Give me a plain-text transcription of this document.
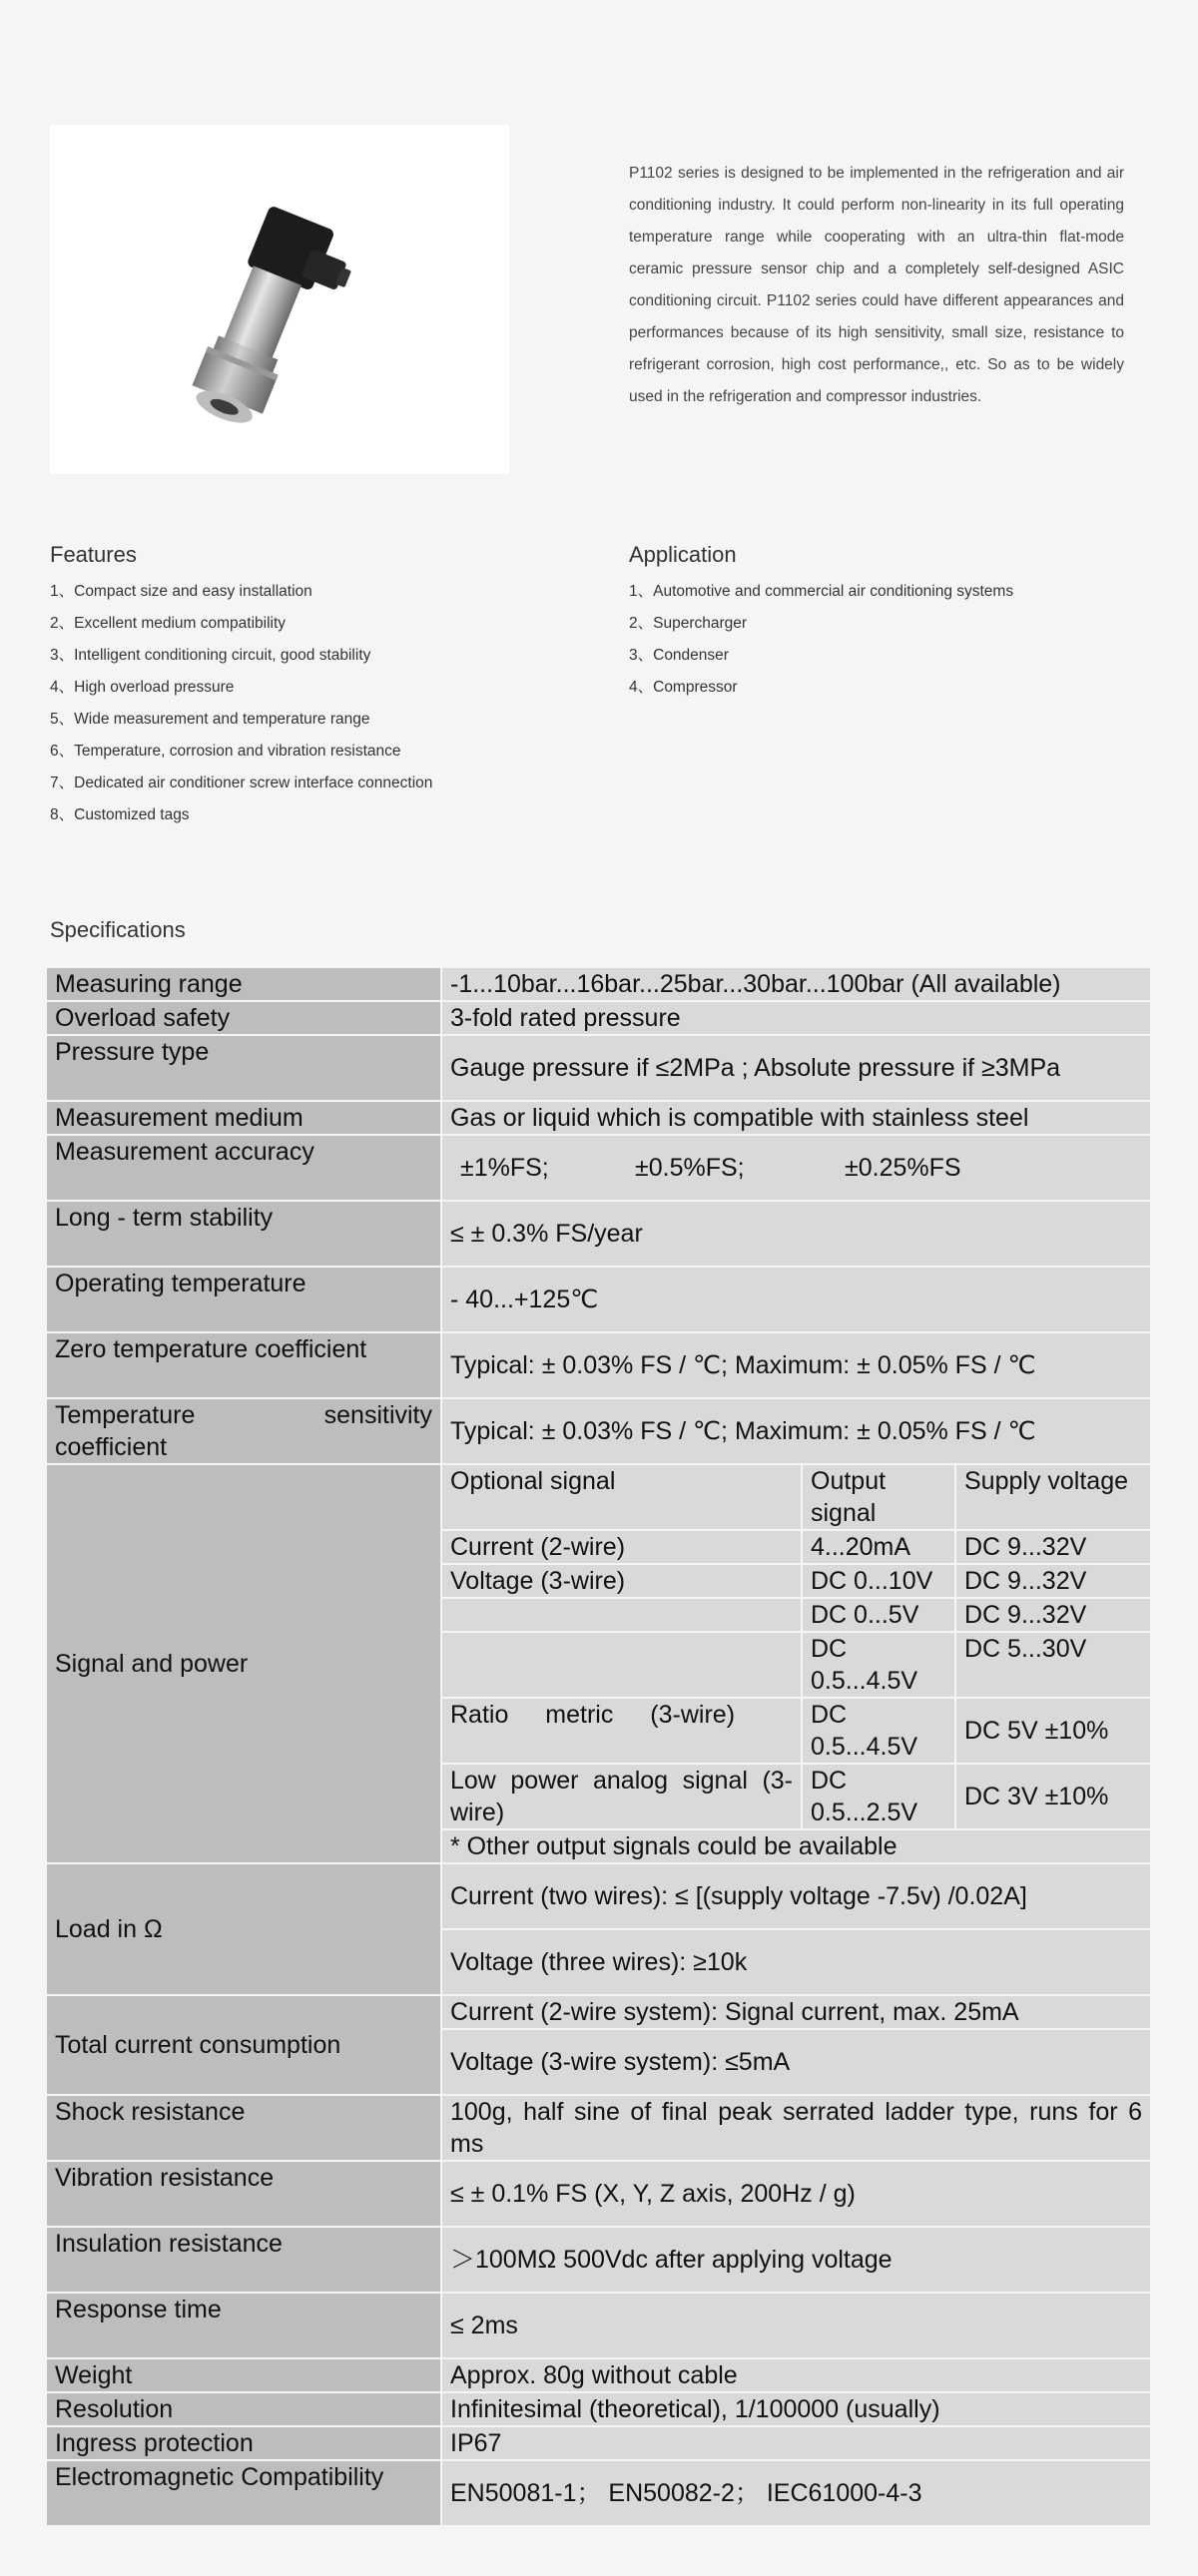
P1102 series is designed to be implemented in the refrigeration and air conditioning industry. It could perform non-linearity in its full operating temperature range while cooperating with an ultra-thin flat-mode ceramic pressure sensor chip and a completely self-designed ASIC conditioning circuit. P1102 series could have different appearances and performances because of its high sensitivity, small size, resistance to refrigerant corrosion, high cost performance,, etc. So as to be widely used in the refrigeration and compressor industries.
Features
1、Compact size and easy installation
2、Excellent medium compatibility
3、Intelligent conditioning circuit, good stability
4、High overload pressure
5、Wide measurement and temperature range
6、Temperature, corrosion and vibration resistance
7、Dedicated air conditioner screw interface connection
8、Customized tags
Application
1、Automotive and commercial air conditioning systems
2、Supercharger
3、Condenser
4、Compressor
Specifications
Measuring range	-1...10bar...16bar...25bar...30bar...100bar (All available)		
Overload safety	3-fold rated pressure		
Pressure type	Gauge pressure if ≤2MPa ; Absolute pressure if ≥3MPa		
Measurement medium	Gas or liquid which is compatible with stainless steel		
Measurement accuracy	±1%FS; ±0.5%FS; ±0.25%FS		
Long - term stability	≤ ± 0.3% FS/year		
Operating temperature	- 40...+125℃		
Zero temperature coefficient	Typical: ± 0.03% FS / ℃; Maximum: ± 0.05% FS / ℃		

Temperature sensitivity
coefficient	Typical: ± 0.03% FS / ℃; Maximum: ± 0.05% FS / ℃		
Signal and power	Optional signal	Output signal	Supply voltage
	Current (2-wire)	4...20mA	DC 9...32V
	Voltage (3-wire)	DC 0...10V	DC 9...32V
		DC 0...5V	DC 9...32V
		DC 0.5...4.5V	DC 5...30V
	Ratio metric (3-wire)	DC 0.5...4.5V	DC 5V ±10%
	Low power analog signal (3-wire)	DC 0.5...2.5V	DC 3V ±10%
	* Other output signals could be available		
Load in Ω	Current (two wires): ≤ [(supply voltage -7.5v) /0.02A]		
	Voltage (three wires): ≥10k		
Total current consumption	Current (2-wire system): Signal current, max. 25mA		
	Voltage (3-wire system): ≤5mA		
Shock resistance	100g, half sine of final peak serrated ladder type, runs for 6 ms		
Vibration resistance	≤ ± 0.1% FS (X, Y, Z axis, 200Hz / g)		
Insulation resistance	＞100MΩ 500Vdc after applying voltage		
Response time	≤ 2ms		
Weight	Approx. 80g without cable		
Resolution	Infinitesimal (theoretical), 1/100000 (usually)		
Ingress protection	IP67		
Electromagnetic Compatibility	EN50081-1； EN50082-2； IEC61000-4-3		
